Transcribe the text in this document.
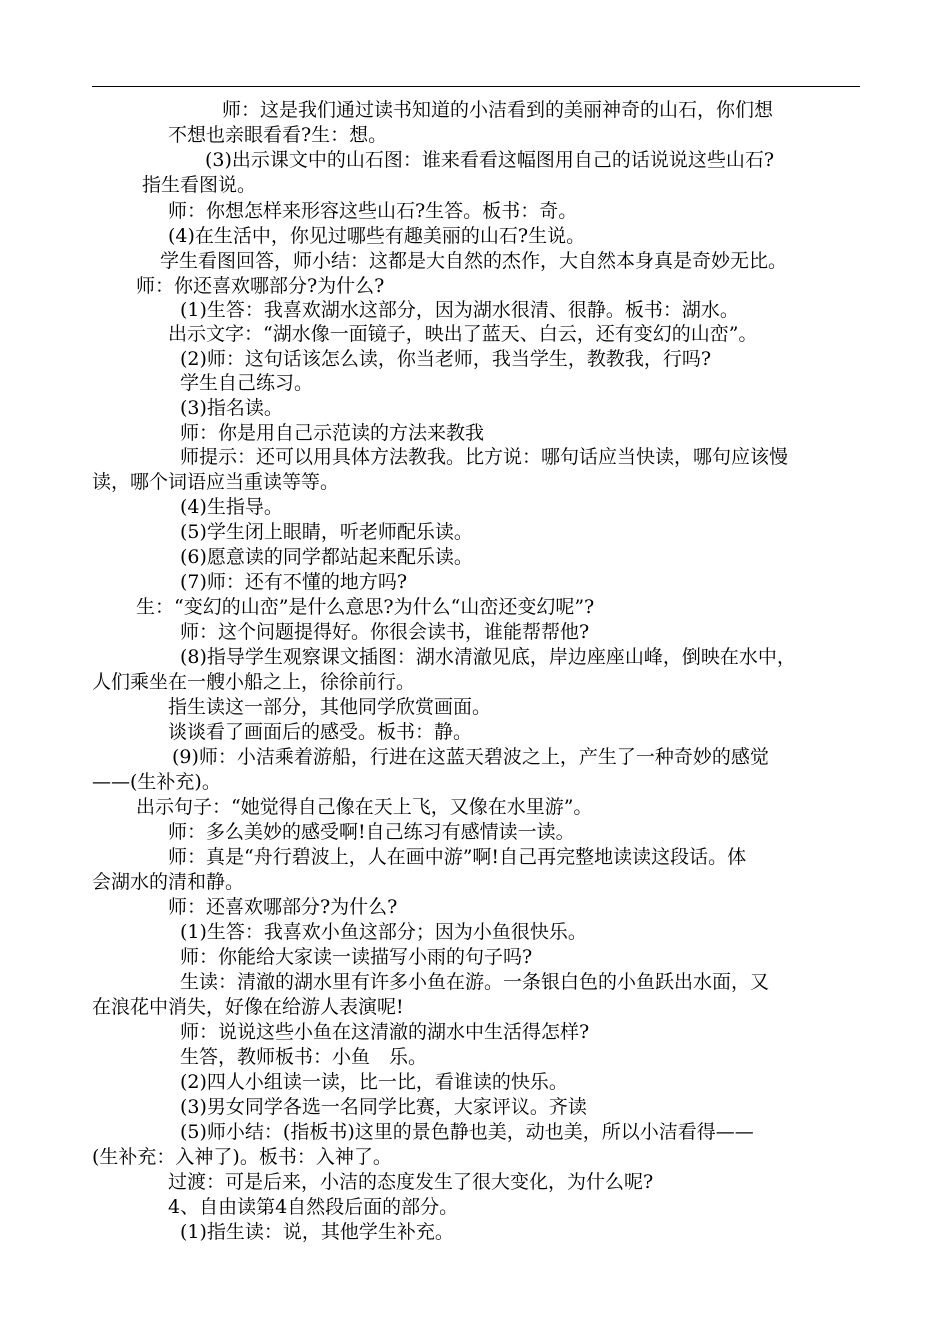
师：这是我们通过读书知道的小洁看到的美丽神奇的山石，你们想
不想也亲眼看看?生：想。
(3)出示课文中的山石图：谁来看看这幅图用自己的话说说这些山石?
指生看图说。
师：你想怎样来形容这些山石?生答。板书：奇。
(4)在生活中，你见过哪些有趣美丽的山石?生说。
学生看图回答，师小结：这都是大自然的杰作，大自然本身真是奇妙无比。
师：你还喜欢哪部分?为什么?
(1)生答：我喜欢湖水这部分，因为湖水很清、很静。板书：湖水。
出示文字：“湖水像一面镜子，映出了蓝天、白云，还有变幻的山峦”。
(2)师：这句话该怎么读，你当老师，我当学生，教教我，行吗?
学生自己练习。
(3)指名读。
师：你是用自己示范读的方法来教我
师提示：还可以用具体方法教我。比方说：哪句话应当快读，哪句应该慢
读，哪个词语应当重读等等。
(4)生指导。
(5)学生闭上眼睛，听老师配乐读。
(6)愿意读的同学都站起来配乐读。
(7)师：还有不懂的地方吗?
生：“变幻的山峦”是什么意思?为什么“山峦还变幻呢”?
师：这个问题提得好。你很会读书，谁能帮帮他?
(8)指导学生观察课文插图：湖水清澈见底，岸边座座山峰，倒映在水中，
人们乘坐在一艘小船之上，徐徐前行。
指生读这一部分，其他同学欣赏画面。
谈谈看了画面后的感受。板书：静。
(9)师：小洁乘着游船，行进在这蓝天碧波之上，产生了一种奇妙的感觉
——(生补充)。
出示句子：“她觉得自己像在天上飞，又像在水里游”。
师：多么美妙的感受啊!自己练习有感情读一读。
师：真是“舟行碧波上，人在画中游”啊!自己再完整地读读这段话。体
会湖水的清和静。
师：还喜欢哪部分?为什么?
(1)生答：我喜欢小鱼这部分；因为小鱼很快乐。
师：你能给大家读一读描写小雨的句子吗?
生读：清澈的湖水里有许多小鱼在游。一条银白色的小鱼跃出水面，又
在浪花中消失，好像在给游人表演呢!
师：说说这些小鱼在这清澈的湖水中生活得怎样?
生答，教师板书：小鱼　乐。
(2)四人小组读一读，比一比，看谁读的快乐。
(3)男女同学各选一名同学比赛，大家评议。齐读
(5)师小结：(指板书)这里的景色静也美，动也美，所以小洁看得——
(生补充：入神了)。板书：入神了。
过渡：可是后来，小洁的态度发生了很大变化，为什么呢?
4、自由读第4自然段后面的部分。
(1)指生读：说，其他学生补充。
